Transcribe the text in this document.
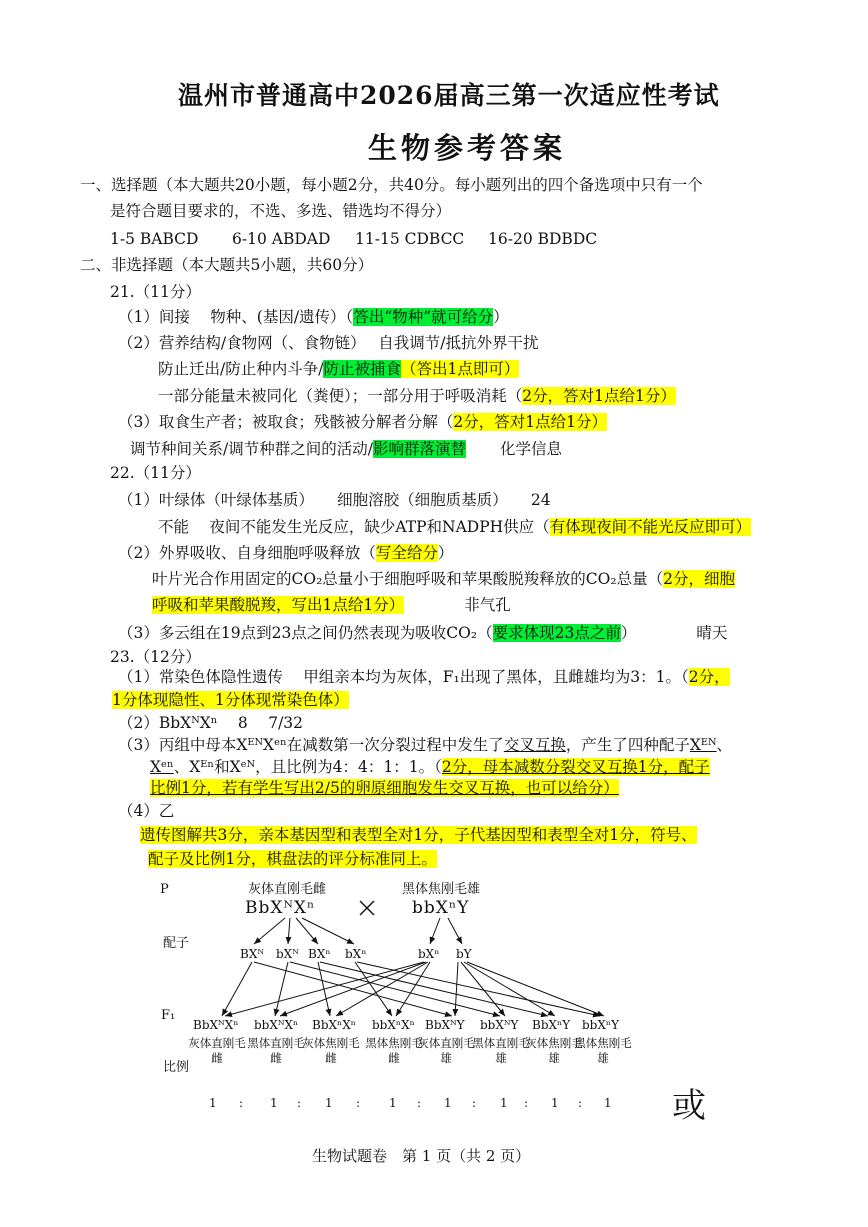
温州市普通高中2026届高三第一次适应性考试
生物参考答案
一、选择题（本大题共20小题，每小题2分，共40分。每小题列出的四个备选项中只有一个
是符合题目要求的，不选、多选、错选均不得分）
1-5 BABCD 6-10 ABDAD 11-15 CDBCC 16-20 BDBDC
二、非选择题（本大题共5小题，共60分）
21.（11分）
（1）间接　 物种、(基因/遗传）（答出“物种”就可给分）
（2）营养结构/食物网（、食物链）　 自我调节/抵抗外界干扰
防止迁出/防止种内斗争/防止被捕食（答出1点即可）
一部分能量未被同化（粪便）；一部分用于呼吸消耗（2分，答对1点给1分）
（3）取食生产者；被取食；残骸被分解者分解（2分，答对1点给1分）
调节种间关系/调节种群之间的活动/影响群落演替 化学信息
22.（11分）
（1）叶绿体（叶绿体基质）　　细胞溶胶（细胞质基质）　　24
不能　 夜间不能发生光反应，缺少ATP和NADPH供应（有体现夜间不能光反应即可）
（2）外界吸收、自身细胞呼吸释放（写全给分）
叶片光合作用固定的CO₂总量小于细胞呼吸和苹果酸脱羧释放的CO₂总量（2分，细胞
呼吸和苹果酸脱羧，写出1点给1分）	非气孔
（3）多云组在19点到23点之间仍然表现为吸收CO₂（要求体现23点之前）	晴天
23.（12分）
（1）常染色体隐性遗传　 甲组亲本均为灰体，F₁出现了黑体，且雌雄均为3：1。（2分，
1分体现隐性、1分体现常染色体）
（2）BbXᴺXⁿ　 8　 7/32
（3）丙组中母本XᴱᴺXᵉⁿ在减数第一次分裂过程中发生了交叉互换，产生了四种配子Xᴱᴺ、
Xᵉⁿ、Xᴱⁿ和Xᵉᴺ，且比例为4：4：1：1。（2分，母本减数分裂交叉互换1分，配子
比例1分，若有学生写出2/5的卵原细胞发生交叉互换，也可以给分）
（4）乙
遗传图解共3分，亲本基因型和表型全对1分，子代基因型和表型全对1分，符号、
配子及比例1分，棋盘法的评分标准同上。
P
配子
F₁
比例
灰体直刚毛雌
BbXᴺXⁿ
黑体焦刚毛雄
bbXⁿY
BXᴺ bXᴺ BXⁿ bXⁿ	bXⁿ bY
BbXᴺXⁿ bbXᴺXⁿ BbXⁿXⁿ bbXⁿXⁿ BbXᴺY bbXᴺY BbXⁿY bbXⁿY
灰体直刚毛雌
黑体直刚毛雌
灰体焦刚毛雌
黑体焦刚毛雌
灰体直刚毛雄
黑体直刚毛雄
灰体焦刚毛雄
黑体焦刚毛雄
1 : 1 : 1 : 1 : 1 : 1 : 1 : 1 或
生物试题卷　第 1 页（共 2 页）
